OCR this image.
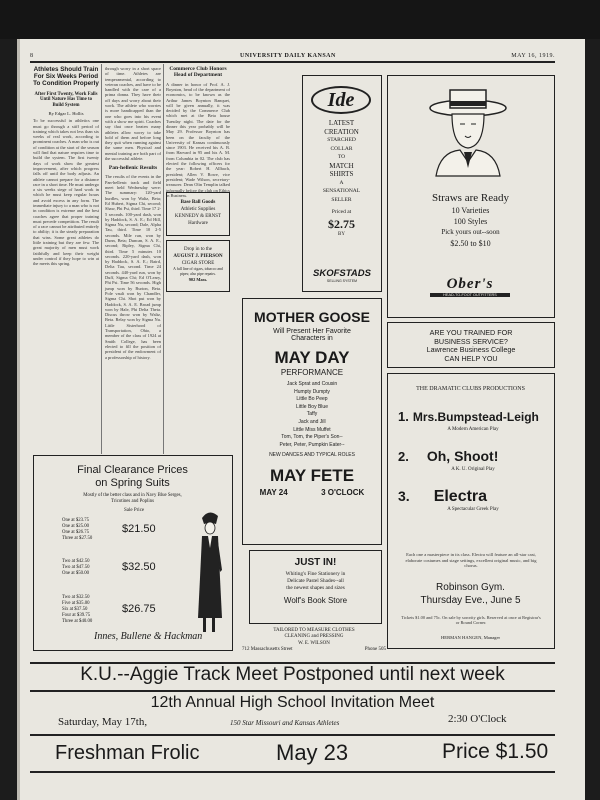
8	UNIVERSITY DAILY KANSAN	MAY 16, 1919.
Athletes Should Train
For Six Weeks Period
To Condition Properly
After First Twenty, Work Falls
Until Nature Has Time to
Build System
By Edgar L. Hollis
To be successful in athletics one must go through a stiff period of training which takes not less than six weeks of real work, according to prominent coaches. A man who is out of condition at the start of the season will find that nature requires time to build the system. The first twenty days of work show the greatest improvement, after which progress falls off until the body adjusts. An athlete cannot prepare for a distance race in a short time. He must undergo a six weeks siege of hard work in which he must keep regular hours and avoid excess in any form. The immediate injury to a man who is not in condition is extreme and the best coaches agree that proper training must precede competition. The result of a race cannot be attributed entirely to ability; it is the steady preparation that wins. Some great athletes do little training but they are few. The great majority of men must work faithfully and keep their weight under control if they hope to win at the meets this spring.
through worry in a short space of time. Athletes are temperamental, according to veteran coaches, and have to be handled with the care of a prima donna. They have their off days and worry about their work. The athlete who worries is more handicapped than the one who goes into his event with a show me spirit. Coaches say that once beaten many athletes allow worry to take hold of them and before long they quit when running against the same men. Physical and mental training are both part of the successful athlete.
Pan-hellenic Results
The results of the events in the Pan-hellenic track and field meet held Wednesday were: The summary: 120-yard hurdles, won by Waltz, Beta; Ed Hubert, Sigma Chi, second; Shaw, Phi Psi, third. Time 17 2-5 seconds. 100-yard dash, won by Haddock, S. A. E.; Ed Hill, Sigma Nu, second; Dale, Alpha Tau, third. Time 10 2-5 seconds. Mile run, won by Dunn, Beta; Duncan, S. A. E., second; Ripley, Sigma Chi, third. Time 5 minutes 10 seconds. 220-yard dash, won by Haddock, S. A. E.; Baird, Delta Tau, second. Time 24 seconds. 440-yard run, won by Duff, Sigma Chi; Ed O'Leary, Phi Psi. Time 56 seconds. High jump won by Burton, Beta. Pole vault won by Chandler, Sigma Chi. Shot put won by Haddock, S. A. E. Broad jump won by Hale, Phi Delta Theta. Discus throw won by Waltz, Beta. Relay won by Sigma Nu. Little Sisterhood of Transportation, Ohio, a member of the class of 1924 at Smith College, has been elected to fill the position of president of the endowment of a professorship of history.
Commerce Club Honors
Head of Department
A dinner in honor of Prof. A. J. Boynton, head of the department of economics, to be known as the Arthur James Boynton Banquet, will be given annually, it was decided by the Commerce Club which met at the Beta house Tuesday night. The date for the dinner this year probably will be May 29. Professor Boynton has been on the faculty of the University of Kansas continuously since 1903. He received his A. B. from Harvard in 95 and his A. M. from Columbia in 02. The club has elected the following officers for the year: Robert H. Allbach, president; Allen V. Rowe, vice president; Wade Wilson, secretary-treasurer. Dean Olin Templin talked informally before the club on Ethics in Business.
Base Ball Goods
Athletic Supplies
KENNEDY & ERNST
Hardware
Drop in to the
AUGUST J. PIERSON
CIGAR STORE
A full line of cigars, tobacco and pipes; also pipe repairs.
902 Mass.
Ide
LATEST
CREATION
STARCHED
COLLAR
TO
MATCH
SHIRTS
A
SENSATIONAL
SELLER
Priced at
$2.75
BY
SKOFSTADS
SELLING SYSTEM
Straws are Ready
10 Varieties
100 Styles
Pick yours out--soon
$2.50 to $10
Ober's
HEAD-TO-FOOT OUTFITTERS
ARE YOU TRAINED FOR
BUSINESS SERVICE?
Lawrence Business College
CAN HELP YOU
THE DRAMATIC CLUBS PRODUCTIONS
1. Mrs.Bumpstead-Leigh
A Modern American Play
2. Oh, Shoot!
A K. U. Original Play
3. Electra
A Spectacular Greek Play
Each one a masterpiece in its class. Electra will feature an all-star cast, elaborate costumes and stage settings, excellent original music, and big chorus.
Robinson Gym.
Thursday Eve., June 5
Tickets $1.00 and 75c. On sale by sorority girls. Reserved at once at Registrar's or Round Corner.
HERMAN HANGEN, Manager
MOTHER GOOSE
Will Present Her Favorite
Characters in
MAY DAY
PERFORMANCE
Jack Sprat and Cousin
Humpty Dumpty
Little Bo Peep
Little Boy Blue
Taffy
Jack and Jill
Little Miss Muffet
Tom, Tom, the Piper's Son--
Peter, Peter, Pumpkin Eater--
NEW DANCES AND TYPICAL ROLES
MAY FETE
MAY 24	3 O'CLOCK
JUST IN!
Whiting's Fine Stationery in
Delicate Pastel Shades--all
the newest shapes and sizes
Wolf's Book Store
TAILORED TO MEASURE CLOTHES
CLEANING and PRESSING
W. E. WILSON
712 Massachusetts Street	Phone 505
Final Clearance Prices
on Spring Suits
Mostly of the better class and in Navy Blue Serges,
Tricotines and Poplins
Sale Price
One at $23.75
One at $25.00
One at $26.75
Three at $27.50
$21.50
Two at $42.50
Two at $47.50
One at $50.00
$32.50
Two at $32.50
Five at $35.00
Six at $37.50
Four at $39.75
Three at $40.00
$26.75
Innes, Bullene & Hackman
K.U.--Aggie Track Meet Postponed until next week
12th Annual High School Invitation Meet
Saturday, May 17th,	150 Star Missouri and Kansas Athletes	2:30 O'Clock
Freshman Frolic	May 23	Price $1.50
